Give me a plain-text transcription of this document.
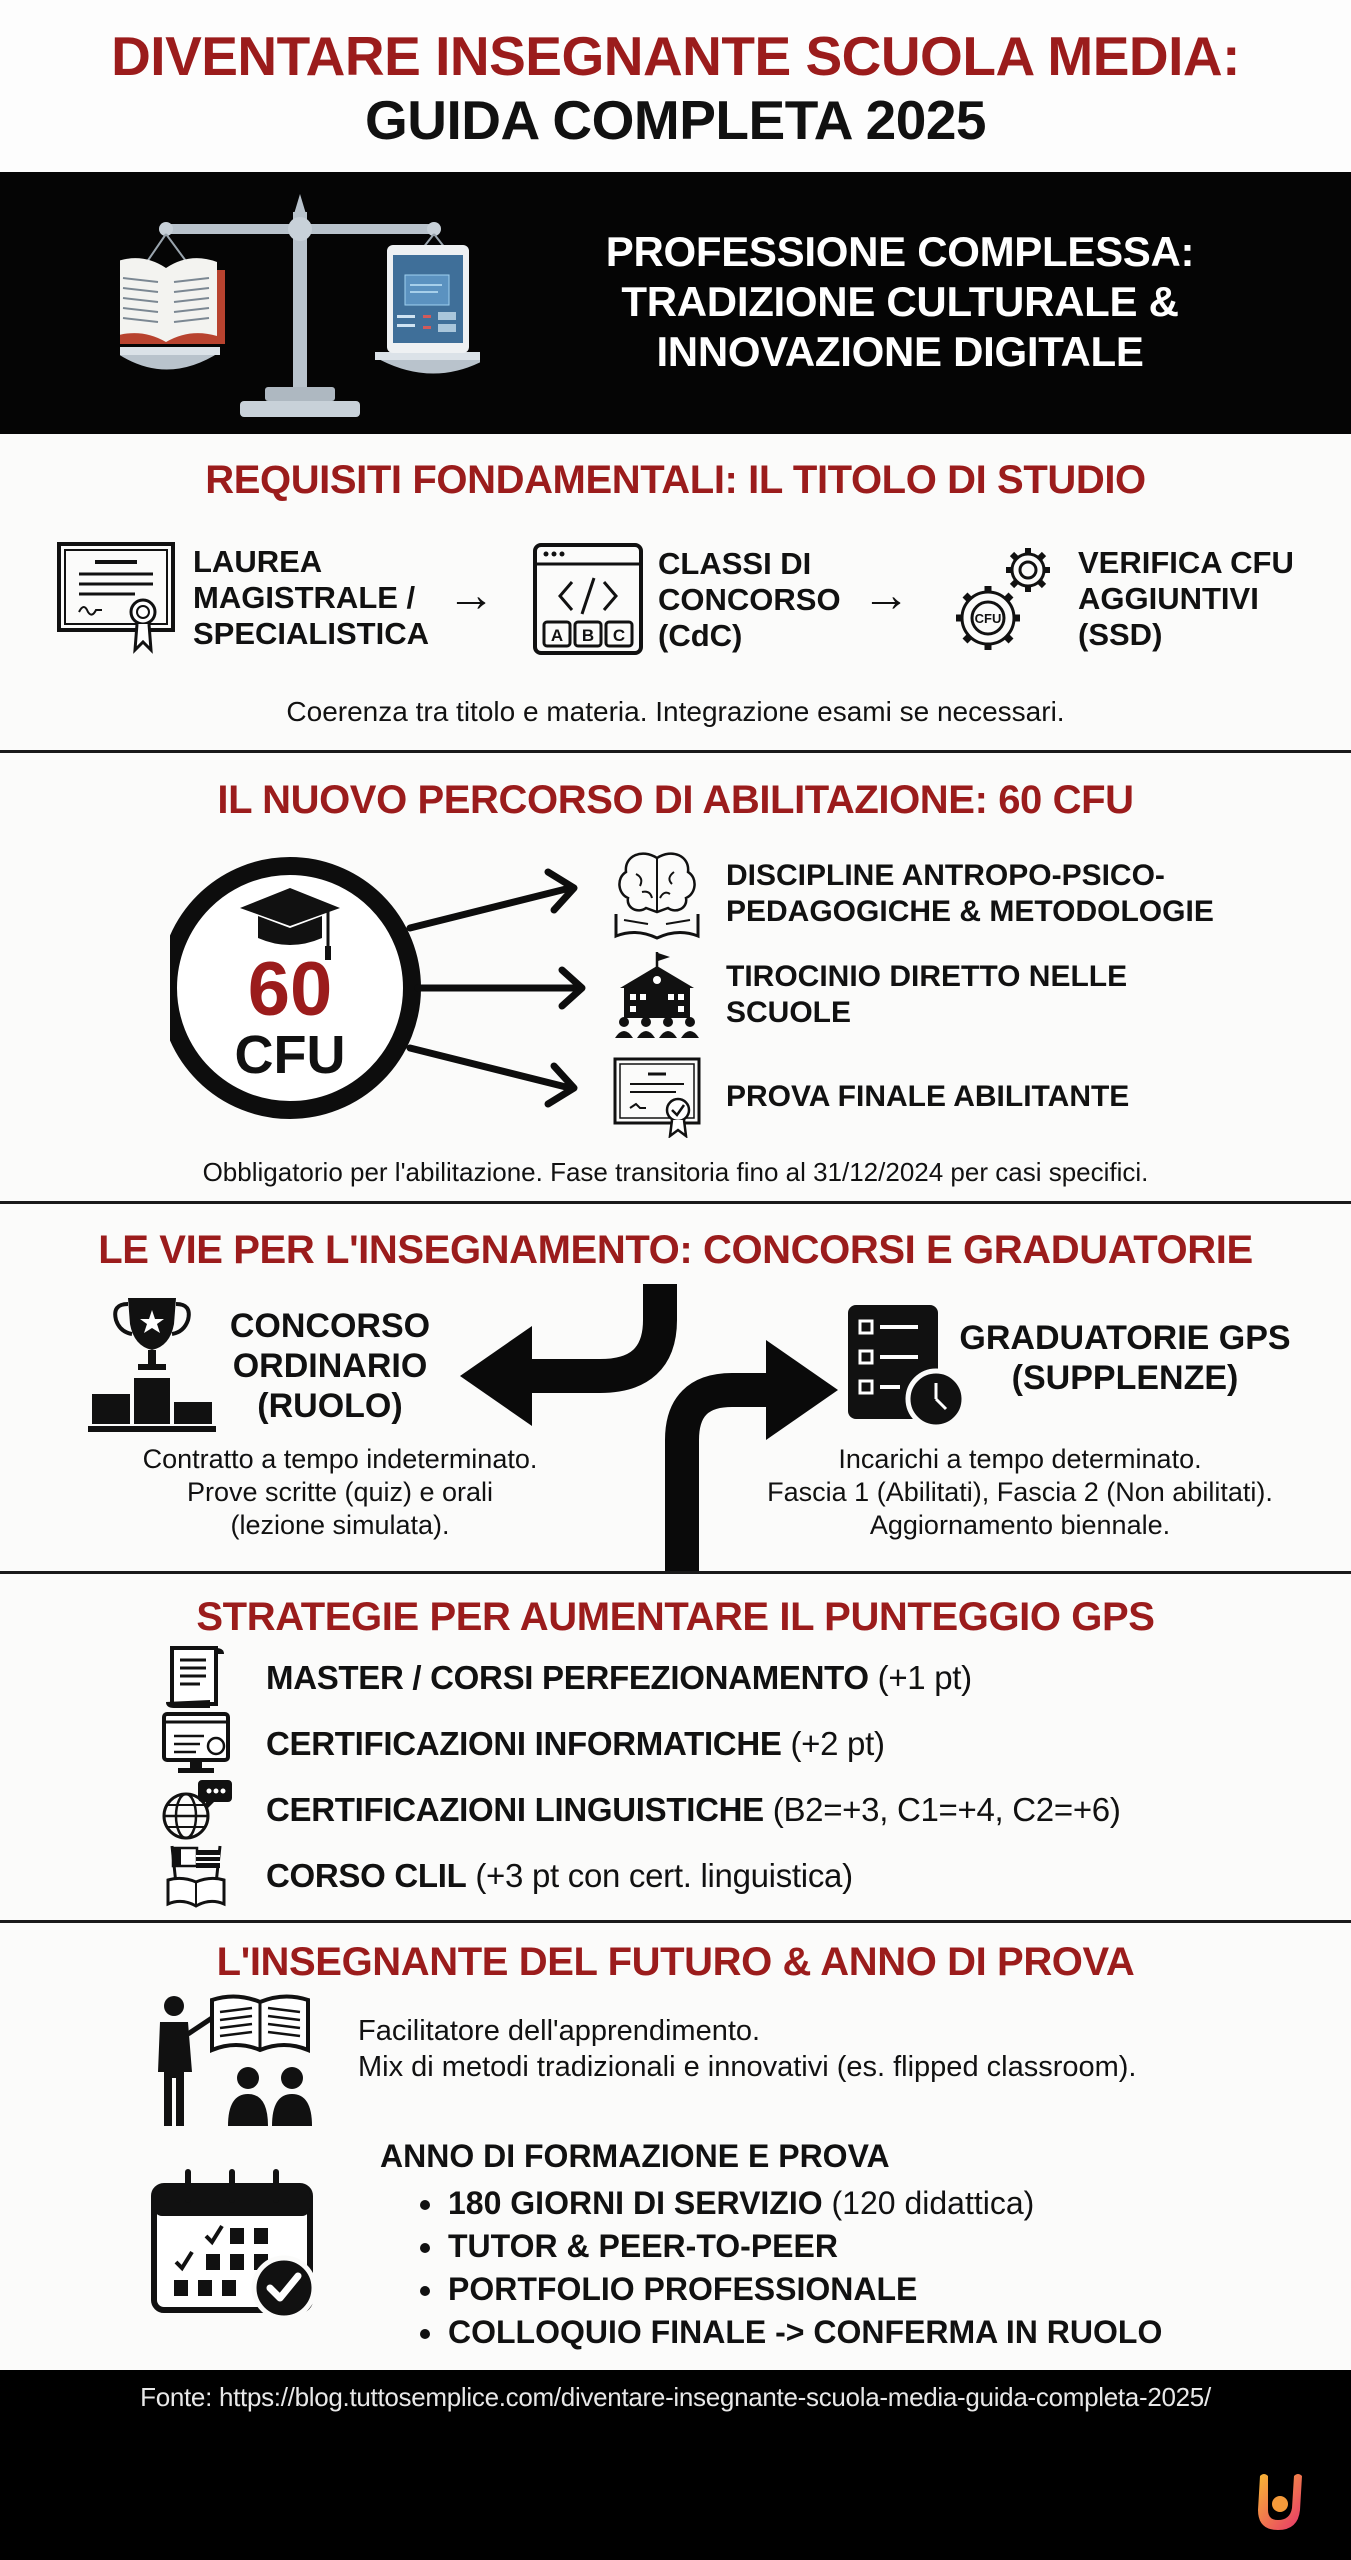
DIVENTARE INSEGNANTE SCUOLA MEDIA:
GUIDA COMPLETA 2025
PROFESSIONE COMPLESSA:
TRADIZIONE CULTURALE &
INNOVAZIONE DIGITALE
REQUISITI FONDAMENTALI: IL TITOLO DI STUDIO
LAUREA
MAGISTRALE /
SPECIALISTICA
→
A B C
CLASSI DI
CONCORSO
(CdC)
→	CFU
VERIFICA CFU
AGGIUNTIVI
(SSD)
Coerenza tra titolo e materia. Integrazione esami se necessari.
IL NUOVO PERCORSO DI ABILITAZIONE: 60 CFU
60
CFU
DISCIPLINE ANTROPO-PSICO-
PEDAGOGICHE & METODOLOGIE
TIROCINIO DIRETTO NELLE
SCUOLE
PROVA FINALE ABILITANTE
Obbligatorio per l'abilitazione. Fase transitoria fino al 31/12/2024 per casi specifici.
LE VIE PER L'INSEGNAMENTO: CONCORSI E GRADUATORIE
CONCORSO
ORDINARIO
(RUOLO)
Contratto a tempo indeterminato.
Prove scritte (quiz) e orali
(lezione simulata).
GRADUATORIE GPS
(SUPPLENZE)
Incarichi a tempo determinato.
Fascia 1 (Abilitati), Fascia 2 (Non abilitati).
Aggiornamento biennale.
STRATEGIE PER AUMENTARE IL PUNTEGGIO GPS
MASTER / CORSI PERFEZIONAMENTO (+1 pt)
CERTIFICAZIONI INFORMATICHE (+2 pt)
CERTIFICAZIONI LINGUISTICHE (B2=+3, C1=+4, C2=+6)
CORSO CLIL (+3 pt con cert. linguistica)
L'INSEGNANTE DEL FUTURO & ANNO DI PROVA
Facilitatore dell'apprendimento.
Mix di metodi tradizionali e innovativi (es. flipped classroom).
ANNO DI FORMAZIONE E PROVA
180 GIORNI DI SERVIZIO (120 didattica)
TUTOR & PEER-TO-PEER
PORTFOLIO PROFESSIONALE
COLLOQUIO FINALE -> CONFERMA IN RUOLO
Fonte: https://blog.tuttosemplice.com/diventare-insegnante-scuola-media-guida-completa-2025/
